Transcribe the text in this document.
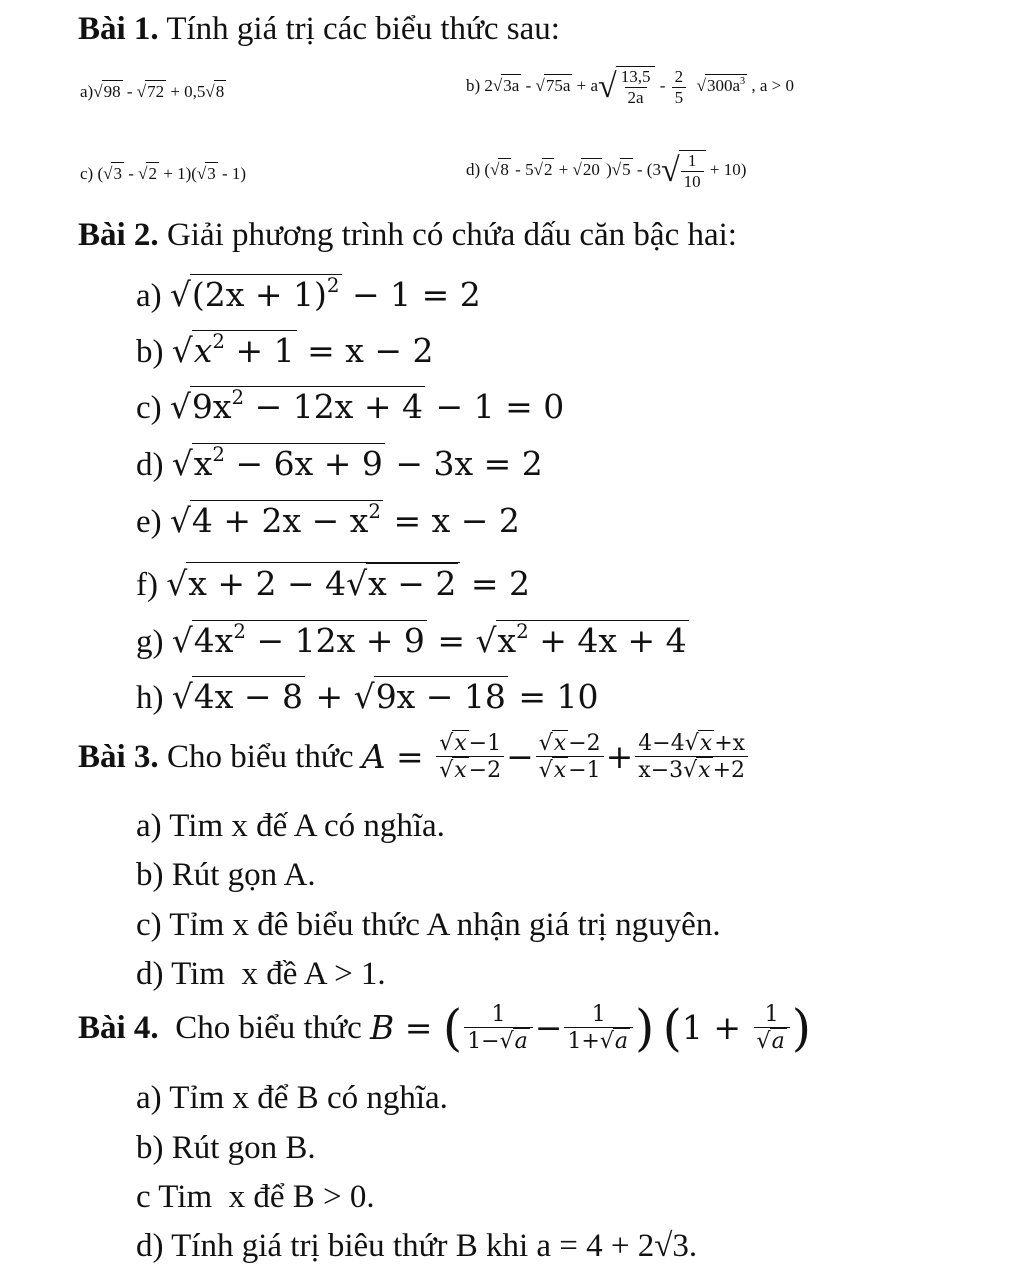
Bài 1. Tính giá trị các biểu thức sau:
a)√98 - √72 + 0,5√8	b) $2√3a - √75a + a√ \frac{13,5}{2a} - \frac{2}{5} √300a^3$ , a > 0
c) (√3 - √2 + 1)(√3 - 1)	d) (√8 - 5√2 + √20 )$√5 - (3√ \frac{1}{10} + 10)$
Bài 2. Giải phương trình có chứa dấu căn bậc hai:
a) $√(2x + 1)^2 - 1 = 2$
b) $√x^2 + 1 = x - 2$
c) $√9x^2 - 12x + 4 - 1 = 0$
d) $√x^2 - 6x + 9 - 3x = 2$
e) $√4 + 2x - x^2 = x - 2$
f) √x + 2 − 4√x − 2 = 2
g) $√4x^2 - 12x + 9 = √x^2 + 4x + 4$
h) √4x − 8 + √9x − 18 = 10
Bài 3. Cho biểu thức $A = \frac{√x-1}{√x-2} - \frac{√x-2}{√x-1} + \frac{4-4√x+x}{x-3√x+2}$
a) Tim x đế A có nghĩa.
b) Rút gọn A.
c) Tỉm x đê biểu thức A nhận giá trị nguyên.
d) Tim  x đề A > 1.
Bài 4. Cho biểu thức B = ( $\frac{1}{1-√a} - \frac{1}{1+√a}$ )
( $1 + \frac{1}{√a}$ )
a) Tỉm x để B có nghĩa.
b) Rút gon B.
c Tim  x để B > 0.
d) Tính giá trị biêu thứr B khi a = 4 + 2√3.
